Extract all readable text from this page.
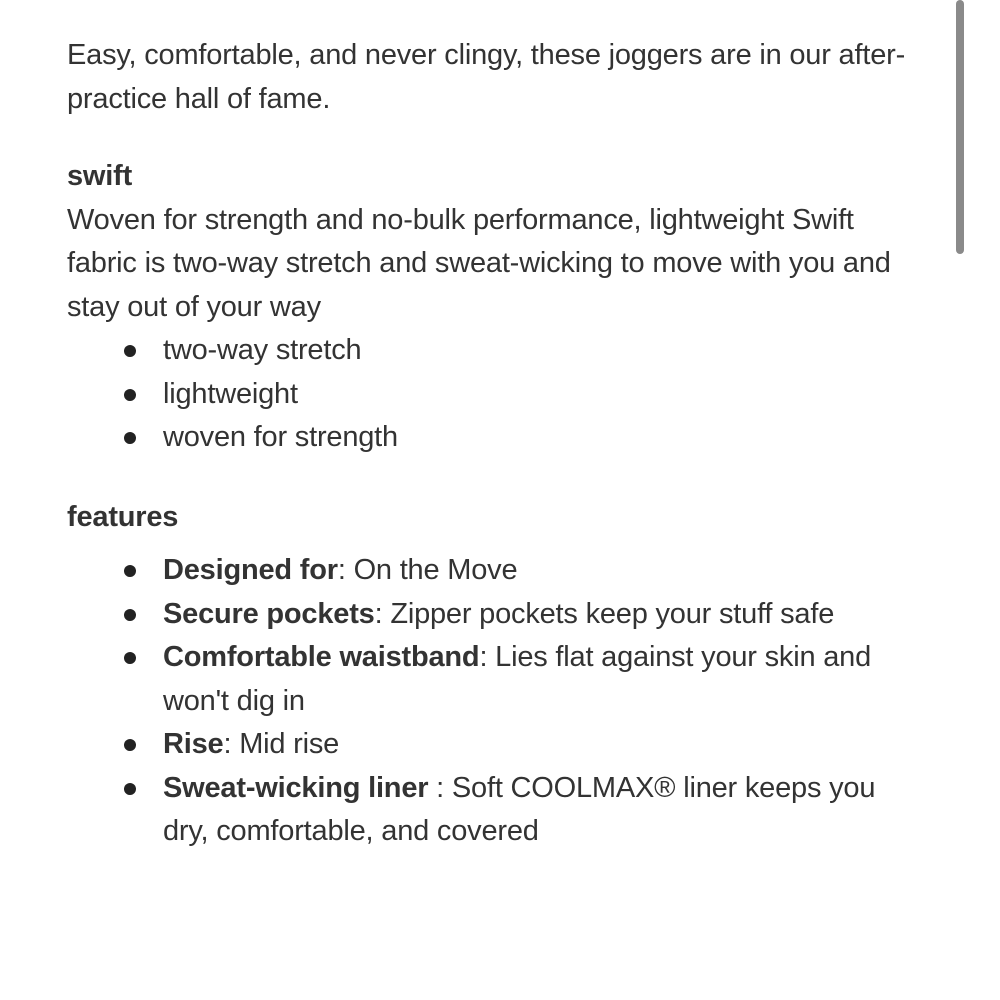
Easy, comfortable, and never clingy, these joggers are in our after-practice hall of fame.

swift

Woven for strength and no-bulk performance, lightweight Swift fabric is two-way stretch and sweat-wicking to move with you and stay out of your way

two-way stretch
lightweight
woven for strength
features
Designed for: On the Move
Secure pockets: Zipper pockets keep your stuff safe
Comfortable waistband: Lies flat against your skin and won't dig in
Rise: Mid rise
Sweat-wicking liner : Soft COOLMAX® liner keeps you dry, comfortable, and covered
